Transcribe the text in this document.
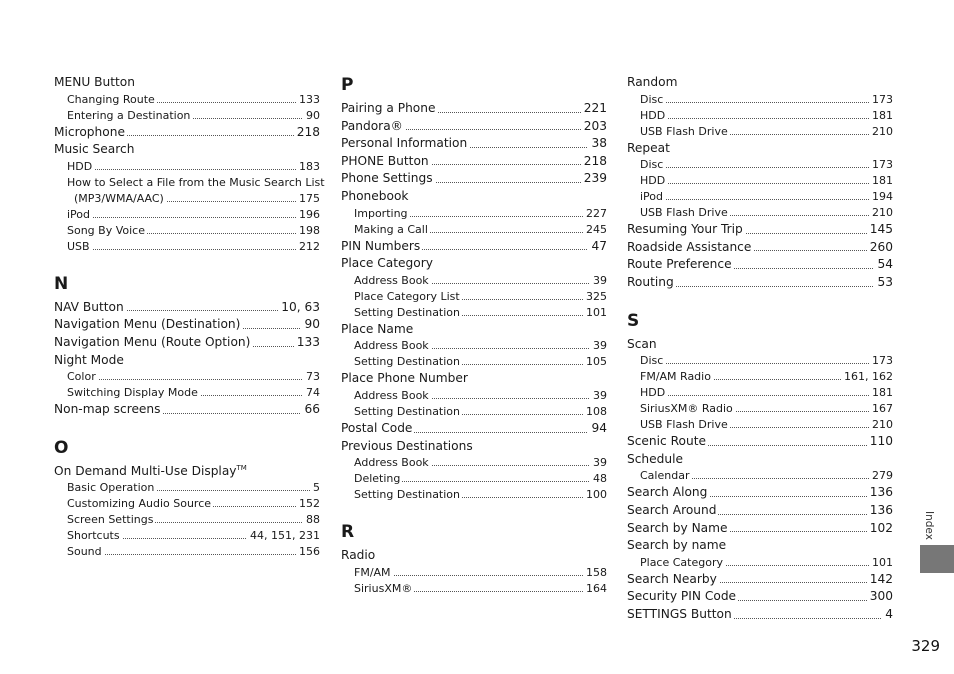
MENU Button
Changing Route	133
Entering a Destination	90
Microphone	218
Music Search
HDD	183
How to Select a File from the Music Search List
(MP3/WMA/AAC)	175
iPod	196
Song By Voice	198
USB	212
N
NAV Button	10, 63
Navigation Menu (Destination)	90
Navigation Menu (Route Option)	133
Night Mode
Color	73
Switching Display Mode	74
Non-map screens	66
O
On Demand Multi-Use Display™
Basic Operation	5
Customizing Audio Source	152
Screen Settings	88
Shortcuts	44, 151, 231
Sound	156
P
Pairing a Phone	221
Pandora®	203
Personal Information	38
PHONE Button	218
Phone Settings	239
Phonebook
Importing	227
Making a Call	245
PIN Numbers	47
Place Category
Address Book	39
Place Category List	325
Setting Destination	101
Place Name
Address Book	39
Setting Destination	105
Place Phone Number
Address Book	39
Setting Destination	108
Postal Code	94
Previous Destinations
Address Book	39
Deleting	48
Setting Destination	100
R
Radio
FM/AM	158
SiriusXM®	164
Random
Disc	173
HDD	181
USB Flash Drive	210
Repeat
Disc	173
HDD	181
iPod	194
USB Flash Drive	210
Resuming Your Trip	145
Roadside Assistance	260
Route Preference	54
Routing	53
S
Scan
Disc	173
FM/AM Radio	161, 162
HDD	181
SiriusXM® Radio	167
USB Flash Drive	210
Scenic Route	110
Schedule
Calendar	279
Search Along	136
Search Around	136
Search by Name	102
Search by name
Place Category	101
Search Nearby	142
Security PIN Code	300
SETTINGS Button	4
Index
329
